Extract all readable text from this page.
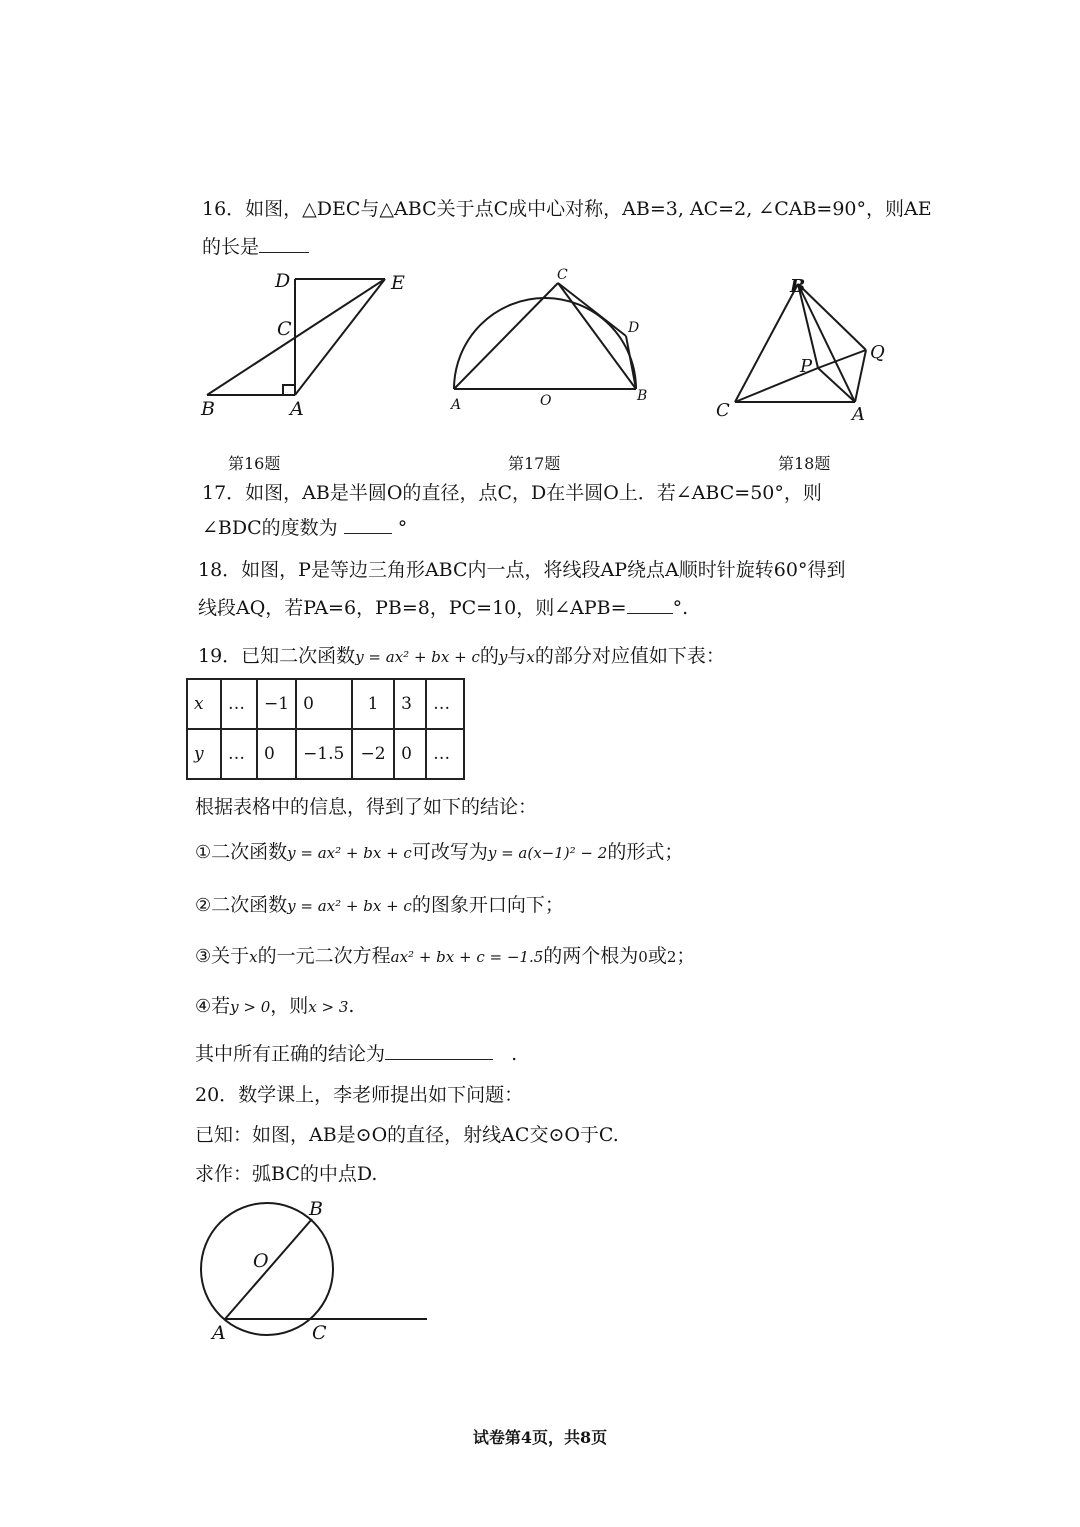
16．如图，△DEC与△ABC关于点C成中心对称，AB=3, AC=2, ∠CAB=90°，则AE
的长是
D	E
C
B	A
第16题
C
D
A	O	B
第17题
B
Q
P
C	A
第18题
17．如图，AB是半圆O的直径，点C，D在半圆O上．若∠ABC=50°，则
∠BDC的度数为	°
18．如图，P是等边三角形ABC内一点，将线段AP绕点A顺时针旋转60°得到
线段AQ，若PA=6，PB=8，PC=10，则∠APB= °.
19．已知二次函数y = ax² + bx + c的y与x的部分对应值如下表：
x	…	−1	0	1	3	…
y	…	0	−1.5	−2	0	…
根据表格中的信息，得到了如下的结论：
①二次函数y = ax² + bx + c可改写为y = a(x−1)² − 2的形式；
②二次函数y = ax² + bx + c的图象开口向下；
③关于x的一元二次方程ax² + bx + c = −1.5的两个根为0或2；
④若y > 0，则x > 3.
其中所有正确的结论为	.
20．数学课上，李老师提出如下问题：
已知：如图，AB是⊙O的直径，射线AC交⊙O于C.
求作：弧BC的中点D.
B
O
A	C
试卷第4页，共8页
